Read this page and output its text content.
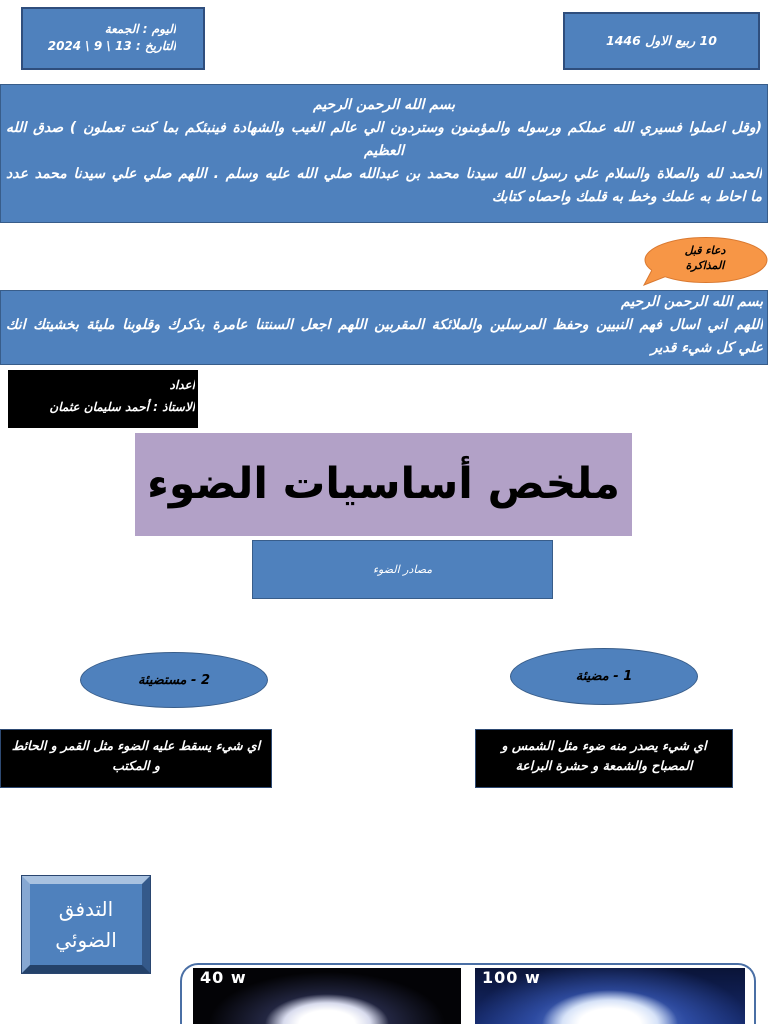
اليوم : الجمعة
التاريخ : 13 \ 9 \ 2024	10 ربيع الاول 1446
بسم الله الرحمن الرحيم
(وقل اعملوا فسيري الله عملكم ورسوله والمؤمنون وستردون الي عالم الغيب والشهادة فينبئكم بما كنت تعملون ) صدق الله
العظيم
الحمد لله والصلاة والسلام علي رسول الله سيدنا محمد بن عبدالله صلي الله عليه وسلم . اللهم صلي علي سيدنا محمد عدد
ما احاط به علمك وخط به قلمك واحصاه كتابك
دعاء قبل
المذاكرة
بسم الله الرحمن الرحيم
اللهم اني اسال فهم النبيين وحفظ المرسلين والملائكة المقربين اللهم اجعل السنتنا عامرة بذكرك وقلوبنا مليئة بخشيتك انك
علي كل شيء قدير
اعداد
الاستاذ : أحمد سليمان عثمان
ملخص أساسيات الضوء
مصادر الضوء
1 - مضيئة
2 - مستضيئة
اي شيء يصدر منه ضوء مثل الشمس و
المصباح والشمعة و حشرة البراعة
اي شيء يسقط عليه الضوء مثل القمر و الحائط
و المكتب
التدفق
الضوئي
40 w	100 w
